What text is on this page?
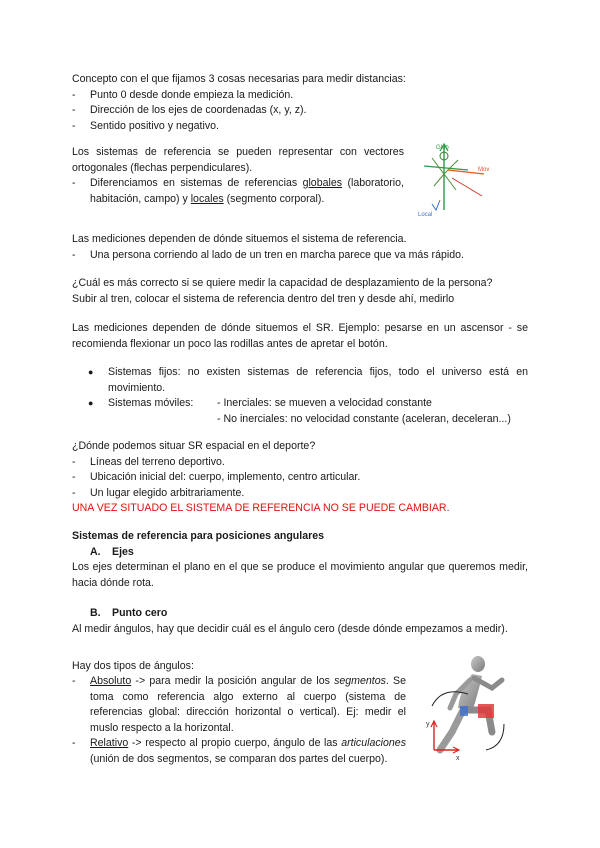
Concepto con el que fijamos 3 cosas necesarias para medir distancias:
- Punto 0 desde donde empieza la medición.
- Dirección de los ejes de coordenadas (x, y, z).
- Sentido positivo y negativo.
Los sistemas de referencia se pueden representar con vectores ortogonales (flechas perpendiculares).
- Diferenciamos en sistemas de referencias globales (laboratorio, habitación, campo) y locales (segmento corporal).
Glob
Mov
Local
Las mediciones dependen de dónde situemos el sistema de referencia.
- Una persona corriendo al lado de un tren en marcha parece que va más rápido.
¿Cuál es más correcto si se quiere medir la capacidad de desplazamiento de la persona?
Subir al tren, colocar el sistema de referencia dentro del tren y desde ahí, medirlo
Las mediciones dependen de dónde situemos el SR. Ejemplo: pesarse en un ascensor - se recomienda flexionar un poco las rodillas antes de apretar el botón.
● Sistemas fijos: no existen sistemas de referencia fijos, todo el universo está en movimiento.
● Sistemas móviles: - Inerciales: se mueven a velocidad constante
- No inerciales: no velocidad constante (aceleran, deceleran...)
¿Dónde podemos situar SR espacial en el deporte?
- Líneas del terreno deportivo.
- Ubicación inicial del: cuerpo, implemento, centro articular.
- Un lugar elegido arbitrariamente.
UNA VEZ SITUADO EL SISTEMA DE REFERENCIA NO SE PUEDE CAMBIAR.
Sistemas de referencia para posiciones angulares
A. Ejes
Los ejes determinan el plano en el que se produce el movimiento angular que queremos medir, hacia dónde rota.
B. Punto cero
Al medir ángulos, hay que decidir cuál es el ángulo cero (desde dónde empezamos a medir).
Hay dos tipos de ángulos:
- Absoluto -> para medir la posición angular de los segmentos. Se toma como referencia algo externo al cuerpo (sistema de referencias global: dirección horizontal o vertical). Ej: medir el muslo respecto a la horizontal.
- Relativo -> respecto al propio cuerpo, ángulo de las articulaciones (unión de dos segmentos, se comparan dos partes del cuerpo).
y
x
